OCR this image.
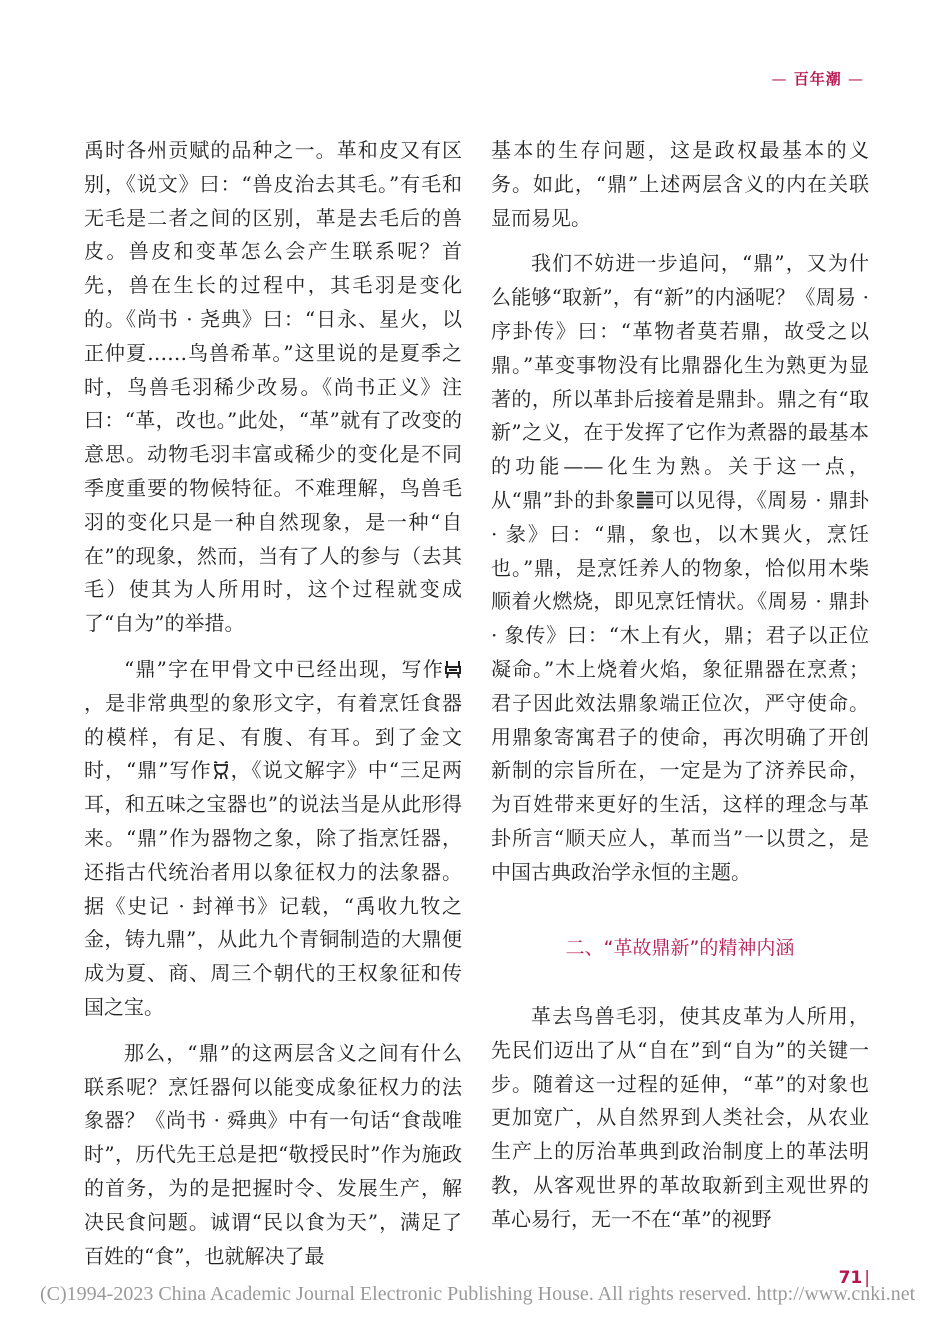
— 百年潮 —

禹时各州贡赋的品种之一。革和皮又有区别，《说文》曰：“兽皮治去其毛。”有毛和无毛是二者之间的区别，革是去毛后的兽皮。兽皮和变革怎么会产生联系呢？首先，兽在生长的过程中，其毛羽是变化的。《尚书 · 尧典》曰：“日永、星火，以正仲夏……鸟兽希革。”这里说的是夏季之时，鸟兽毛羽稀少改易。《尚书正义》注曰：“革，改也。”此处，“革”就有了改变的意思。动物毛羽丰富或稀少的变化是不同季度重要的物候特征。不难理解，鸟兽毛羽的变化只是一种自然现象，是一种“自在”的现象，然而，当有了人的参与（去其毛）使其为人所用时，这个过程就变成了“自为”的举措。

“鼎”字在甲骨文中已经出现，写作，是非常典型的象形文字，有着烹饪食器的模样，有足、有腹、有耳。到了金文时，“鼎”写作 ，《说文解字》中“三足两耳，和五味之宝器也”的说法当是从此形得来。“鼎”作为器物之象，除了指烹饪器，还指古代统治者用以象征权力的法象器。据《史记 · 封禅书》记载，“禹收九牧之金，铸九鼎”，从此九个青铜制造的大鼎便成为夏、商、周三个朝代的王权象征和传国之宝。

那么，“鼎”的这两层含义之间有什么联系呢？烹饪器何以能变成象征权力的法象器？《尚书 · 舜典》中有一句话“食哉唯时”，历代先王总是把“敬授民时”作为施政的首务，为的是把握时令、发展生产，解决民食问题。诚谓“民以食为天”，满足了百姓的“食”，也就解决了最

基本的生存问题，这是政权最基本的义务。如此，“鼎”上述两层含义的内在关联显而易见。

我们不妨进一步追问，“鼎”，又为什么能够“取新”，有“新”的内涵呢？《周易 · 序卦传》曰：“革物者莫若鼎，故受之以鼎。”革变事物没有比鼎器化生为熟更为显著的，所以革卦后接着是鼎卦。鼎之有“取新”之义，在于发挥了它作为煮器的最基本的功能——化生为熟。关于这一点，从“鼎”卦的卦象 可以见得，《周易 · 鼎卦 · 彖》曰：“鼎，象也，以木巽火，烹饪也。”鼎，是烹饪养人的物象，恰似用木柴顺着火燃烧，即见烹饪情状。《周易 · 鼎卦 · 象传》曰：“木上有火，鼎；君子以正位凝命。”木上烧着火焰，象征鼎器在烹煮；君子因此效法鼎象端正位次，严守使命。用鼎象寄寓君子的使命，再次明确了开创新制的宗旨所在，一定是为了济养民命，为百姓带来更好的生活，这样的理念与革卦所言“顺天应人，革而当”一以贯之，是中国古典政治学永恒的主题。

二、“革故鼎新”的精神内涵

革去鸟兽毛羽，使其皮革为人所用，先民们迈出了从“自在”到“自为”的关键一步。随着这一过程的延伸，“革”的对象也更加宽广，从自然界到人类社会，从农业生产上的厉治革典到政治制度上的革法明教，从客观世界的革故取新到主观世界的革心易行，无一不在“革”的视野

71 |
(C)1994-2023 China Academic Journal Electronic Publishing House. All rights reserved. http://www.cnki.net
